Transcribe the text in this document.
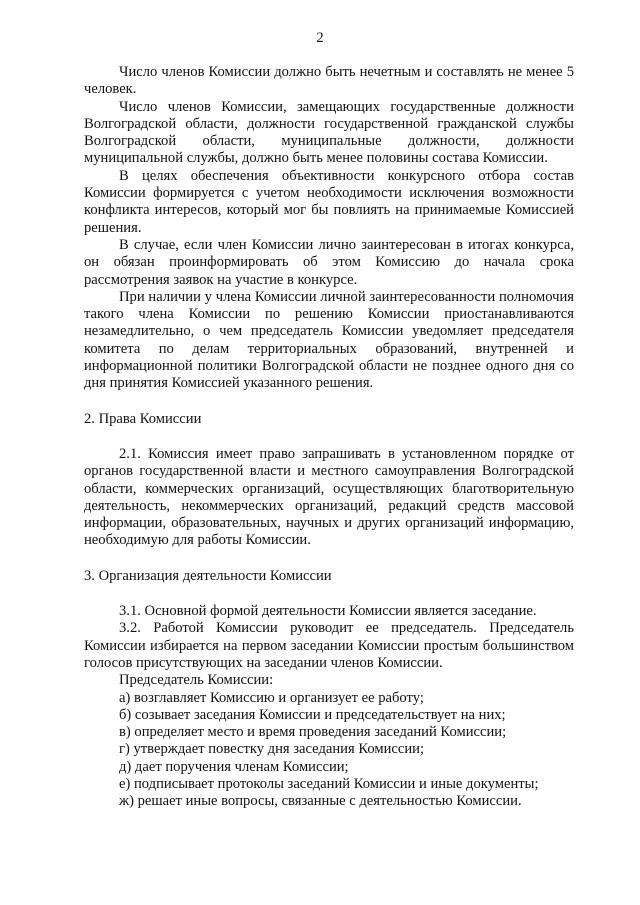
2

Число членов Комиссии должно быть нечетным и составлять не менее 5 человек.

Число членов Комиссии, замещающих государственные должности Волгоградской области, должности государственной гражданской службы Волгоградской области, муниципальные должности, должности муниципальной службы, должно быть менее половины состава Комиссии.

В целях обеспечения объективности конкурсного отбора состав Комиссии формируется с учетом необходимости исключения возможности конфликта интересов, который мог бы повлиять на принимаемые Комиссией решения.

В случае, если член Комиссии лично заинтересован в итогах конкурса, он обязан проинформировать об этом Комиссию до начала срока рассмотрения заявок на участие в конкурсе.

При наличии у члена Комиссии личной заинтересованности полномочия такого члена Комиссии по решению Комиссии приостанавливаются незамедлительно, о чем председатель Комиссии уведомляет председателя комитета по делам территориальных образований, внутренней и информационной политики Волгоградской области не позднее одного дня со дня принятия Комиссией указанного решения.

2. Права Комиссии

2.1. Комиссия имеет право запрашивать в установленном порядке от органов государственной власти и местного самоуправления Волгоградской области, коммерческих организаций, осуществляющих благотворительную деятельность, некоммерческих организаций, редакций средств массовой информации, образовательных, научных и других организаций информацию, необходимую для работы Комиссии.

3. Организация деятельности Комиссии

3.1. Основной формой деятельности Комиссии является заседание.

3.2. Работой Комиссии руководит ее председатель. Председатель Комиссии избирается на первом заседании Комиссии простым большинством голосов присутствующих на заседании членов Комиссии.

Председатель Комиссии:

а) возглавляет Комиссию и организует ее работу;
б) созывает заседания Комиссии и председательствует на них;
в) определяет место и время проведения заседаний Комиссии;
г) утверждает повестку дня заседания Комиссии;
д) дает поручения членам Комиссии;
е) подписывает протоколы заседаний Комиссии и иные документы;
ж) решает иные вопросы, связанные с деятельностью Комиссии.
